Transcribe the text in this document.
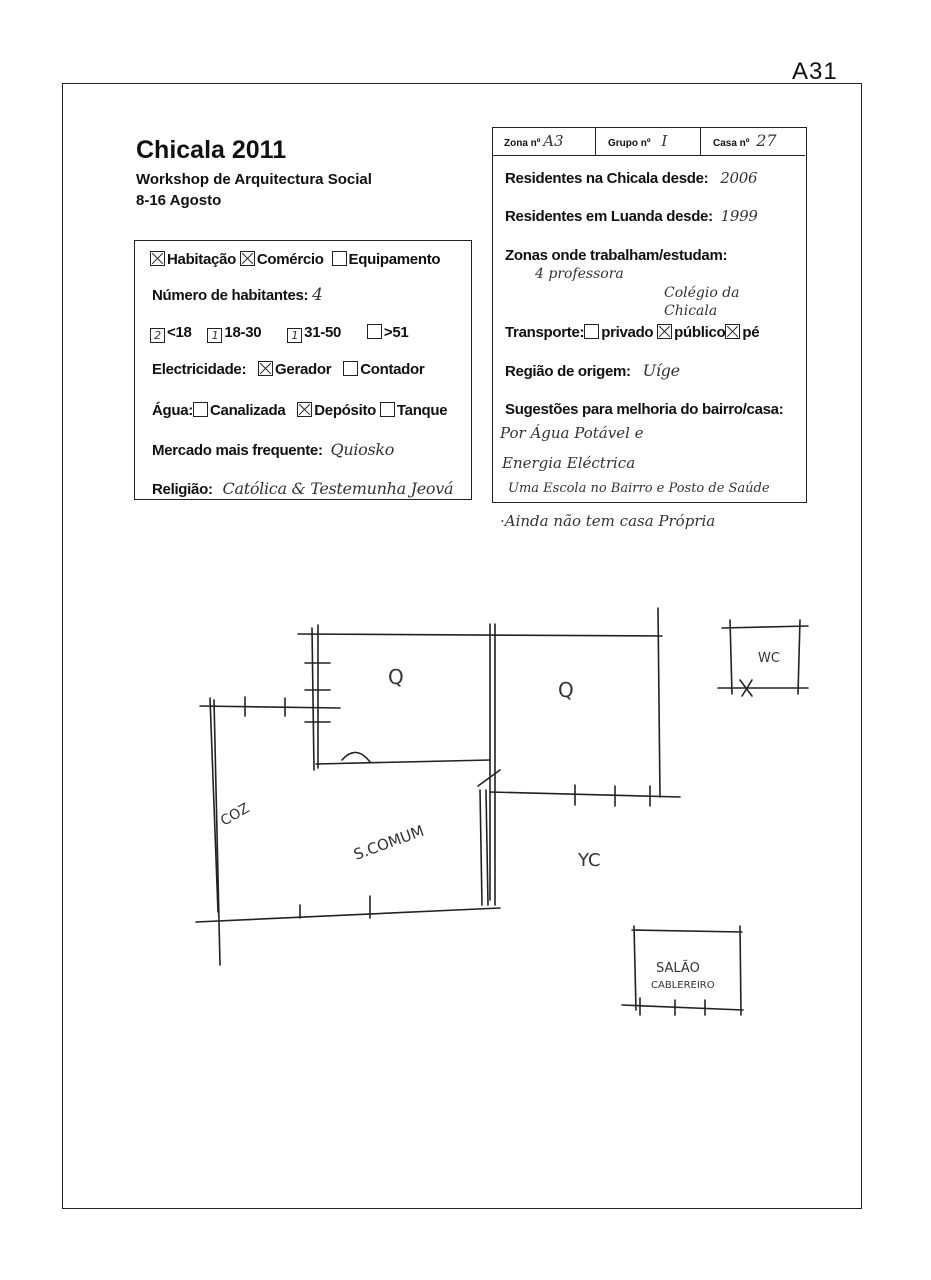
A31
Chicala 2011
Workshop de Arquitectura Social
8-16 Agosto
Habitação Comércio Equipamento
Número de habitantes: 4
2 <18 1 18-30	1 31-50	>51
Electricidade: Gerador Contador
Água: Canalizada Depósito Tanque
Mercado mais frequente: Quiosko
Religião: Católica & Testemunha Jeová
Zona nº A3	Grupo nº I	Casa nº 27
Residentes na Chicala desde: 2006
Residentes em Luanda desde: 1999
Zonas onde trabalham/estudam:
4 professora
Colégio da Chicala
Transporte: privado público pé
Região de origem: Uíge
Sugestões para melhoria do bairro/casa:
Por Água Potável e
Energia Eléctrica
Uma Escola no Bairro e Posto de Saúde
·Ainda não tem casa Própria
Q
Q
WC
COZ
S.COMUM	YC
SALÃO
CABLEREIRO
